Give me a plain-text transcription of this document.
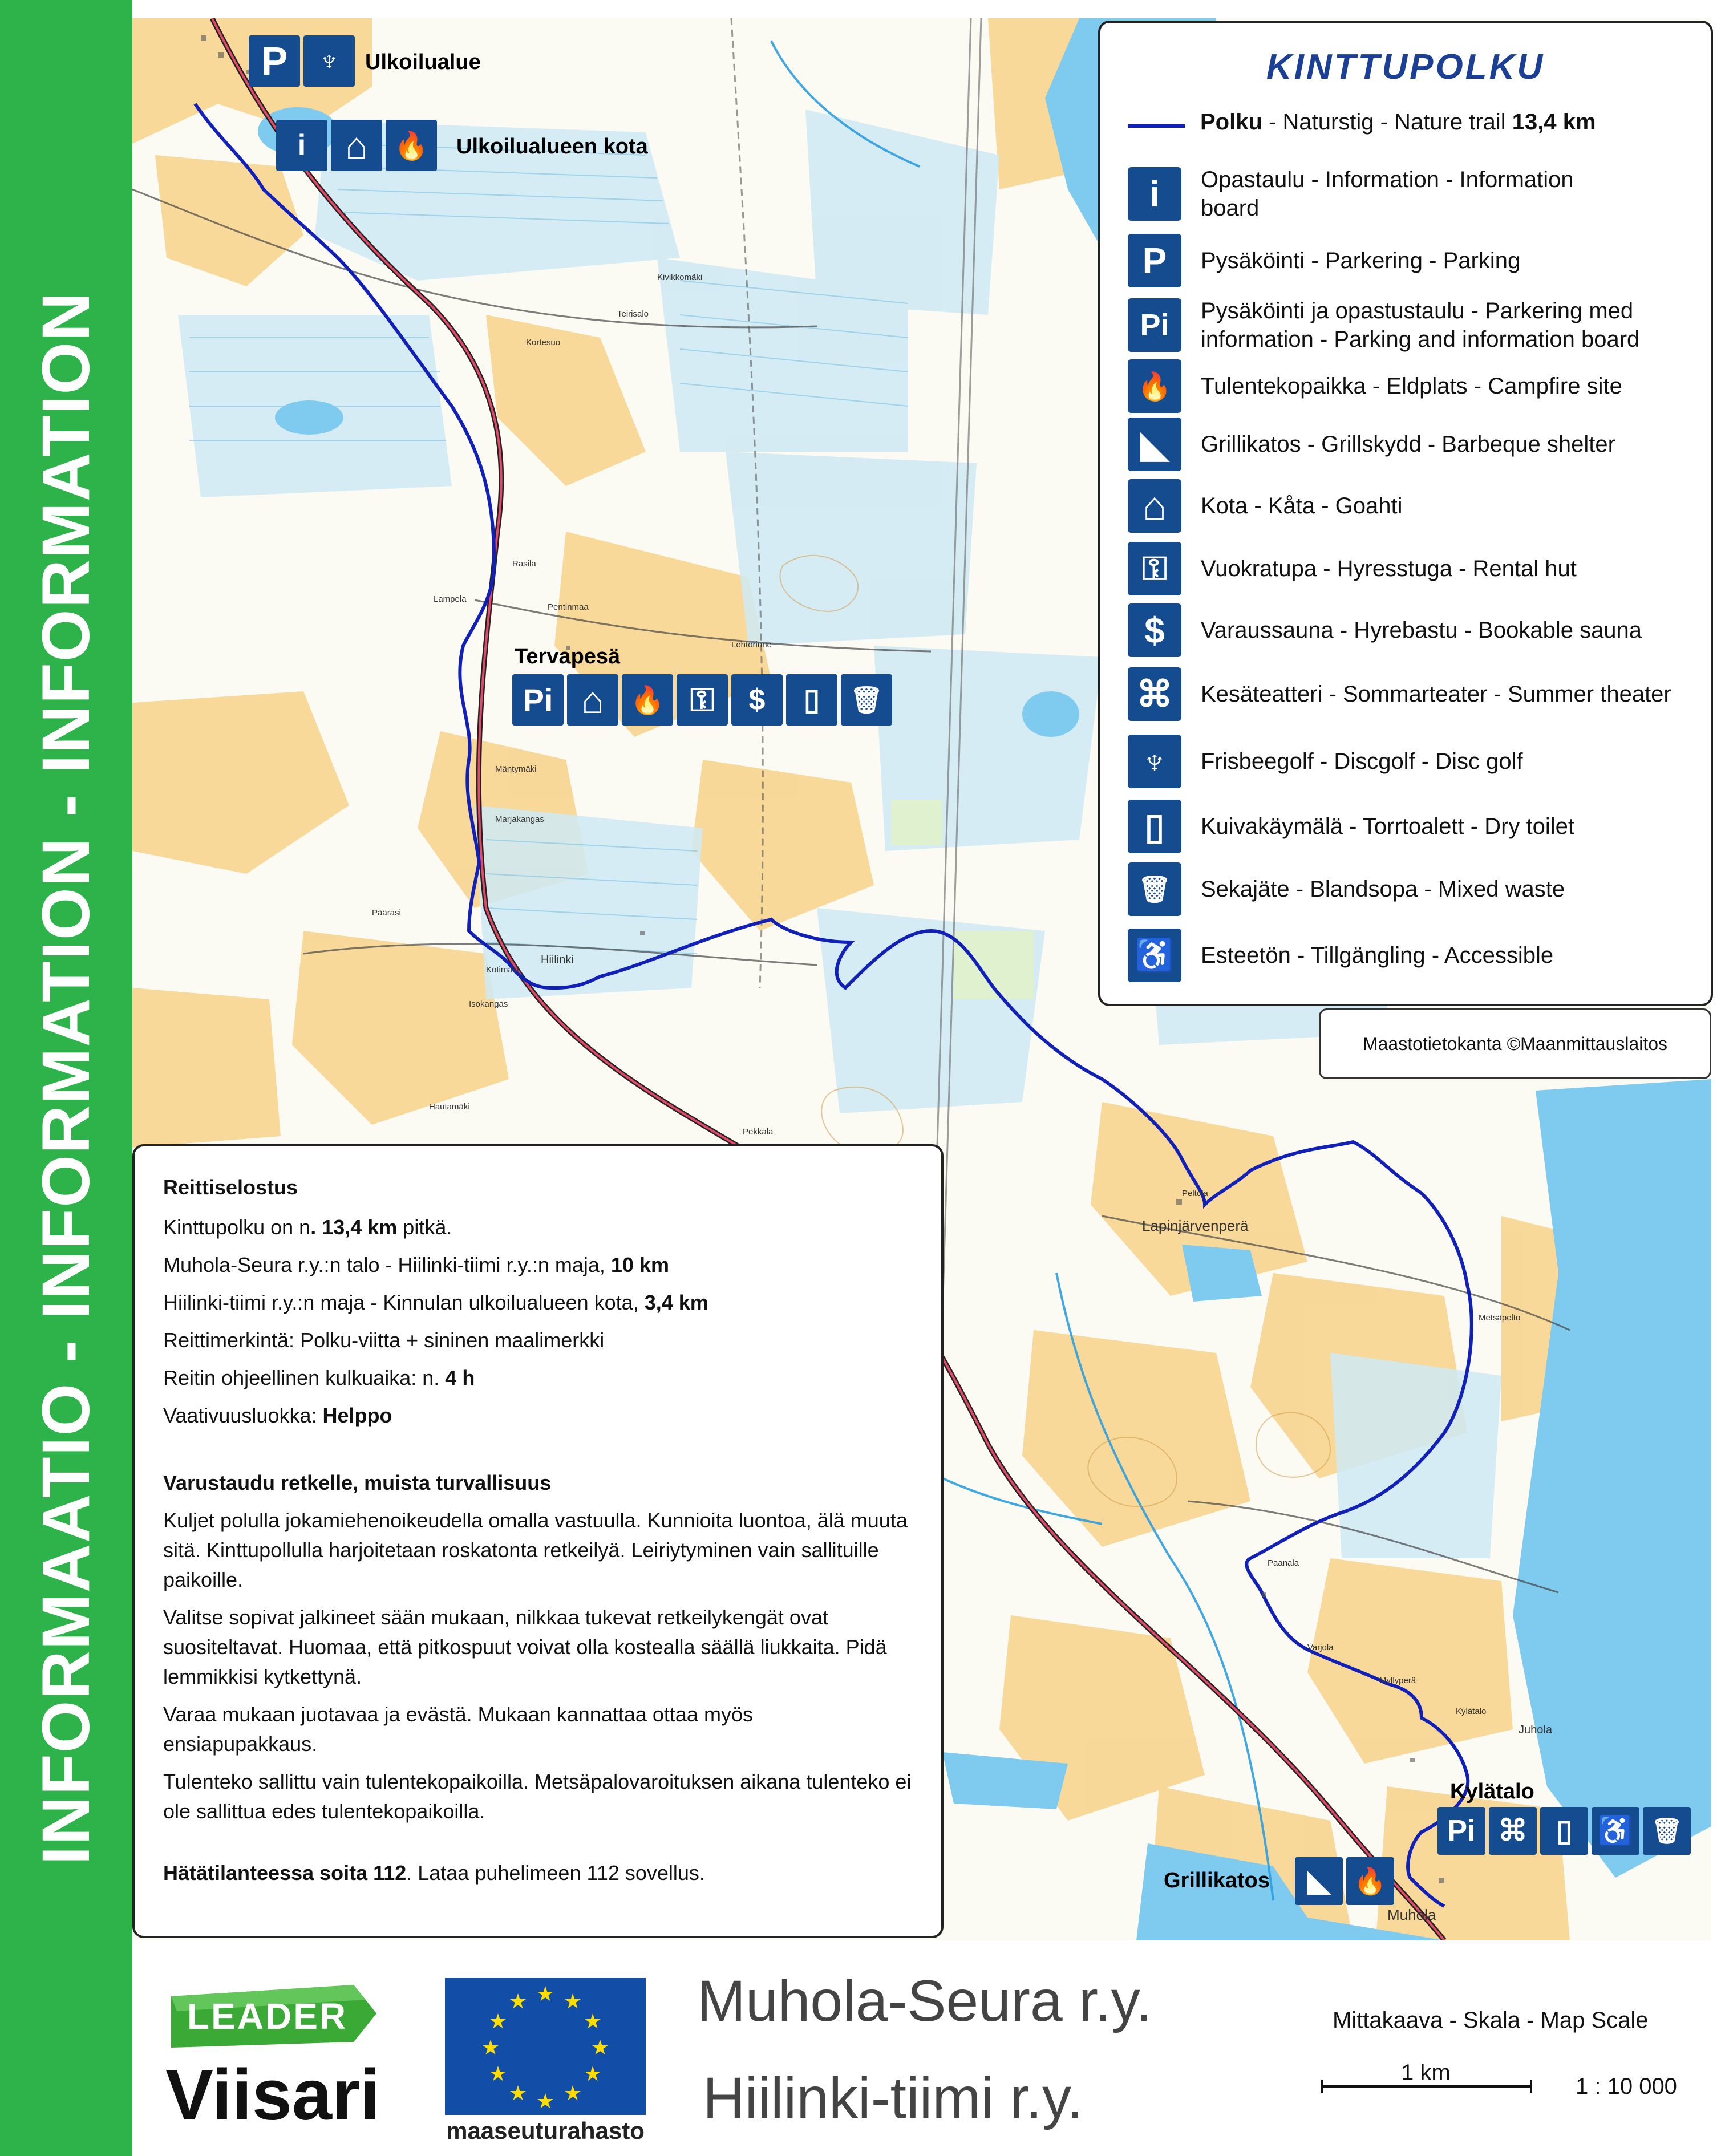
INFORMAATIO - INFORMATION - INFORMATION	Lapinjärvenperä
Hiilinki
Lampela
Kotimäki
Isokangas
Pentinmaa
Rasila
Mäntymäki
Marjakangas
Päärasi
Pekkala
Hautamäki
Paanala
Varjola
Myllyperä
Juhola
Muhola
Metsäpelto
Kylätalo
Lehtorinne
Peltola
Kortesuo
Teirisalo
Kivikkomäki
P	♆	Ulkoilualue
i	⌂ 🔥	Ulkoilualueen kota
Tervapesä
Pi ⌂ 🔥 ⚿	$	▯	🗑
Kylätalo
Pi ⌘ ▯ ♿ 🗑
Grillikatos	◣ 🔥
KINTTUPOLKU
Polku - Naturstig - Nature trail 13,4 km
i	Opastaulu - Information - Information board
P	Pysäköinti - Parkering - Parking
Pi	Pysäköinti ja opastustaulu - Parkering med information - Parking and information board
🔥	Tulentekopaikka - Eldplats - Campfire site
◣	Grillikatos - Grillskydd - Barbeque shelter
⌂	Kota - Kåta - Goahti
⚿	Vuokratupa - Hyresstuga - Rental hut
$	Varaussauna - Hyrebastu - Bookable sauna
⌘	Kesäteatteri - Sommarteater - Summer theater
♆	Frisbeegolf - Discgolf - Disc golf
▯	Kuivakäymälä - Torrtoalett - Dry toilet
🗑	Sekajäte - Blandsopa - Mixed waste
♿	Esteetön - Tillgängling - Accessible
Maastotietokanta ©Maanmittauslaitos

Reittiselostus

Kinttupolku on n. 13,4 km pitkä.

Muhola-Seura r.y.:n talo - Hiilinki-tiimi r.y.:n maja, 10 km

Hiilinki-tiimi r.y.:n maja - Kinnulan ulkoilualueen kota, 3,4 km

Reittimerkintä: Polku-viitta + sininen maalimerkki

Reitin ohjeellinen kulkuaika: n. 4 h

Vaativuusluokka: Helppo

Varustaudu retkelle, muista turvallisuus

Kuljet polulla jokamiehenoikeudella omalla vastuulla. Kunnioita luontoa, älä muuta sitä. Kinttupollulla harjoitetaan roskatonta retkeilyä. Leiriytyminen vain sallituille paikoille.

Valitse sopivat jalkineet sään mukaan, nilkkaa tukevat retkeilykengät ovat suositeltavat. Huomaa, että pitkospuut voivat olla kostealla säällä liukkaita. Pidä lemmikkisi kytkettynä.

Varaa mukaan juotavaa ja evästä. Mukaan kannattaa ottaa myös ensiapupakkaus.

Tulenteko sallittu vain tulentekopaikoilla. Metsäpalovaroituksen aikana tulenteko ei ole sallittua edes tulentekopaikoilla.

Hätätilanteessa soita 112. Lataa puhelimeen 112 sovellus.

LEADER
Viisari
★ ★
★
★
★
★
★
★
★
★
★
★
maaseuturahasto
Muhola-Seura r.y.
Hiilinki-tiimi r.y.
Mittakaava - Skala - Map Scale
1 km
1 : 10 000
